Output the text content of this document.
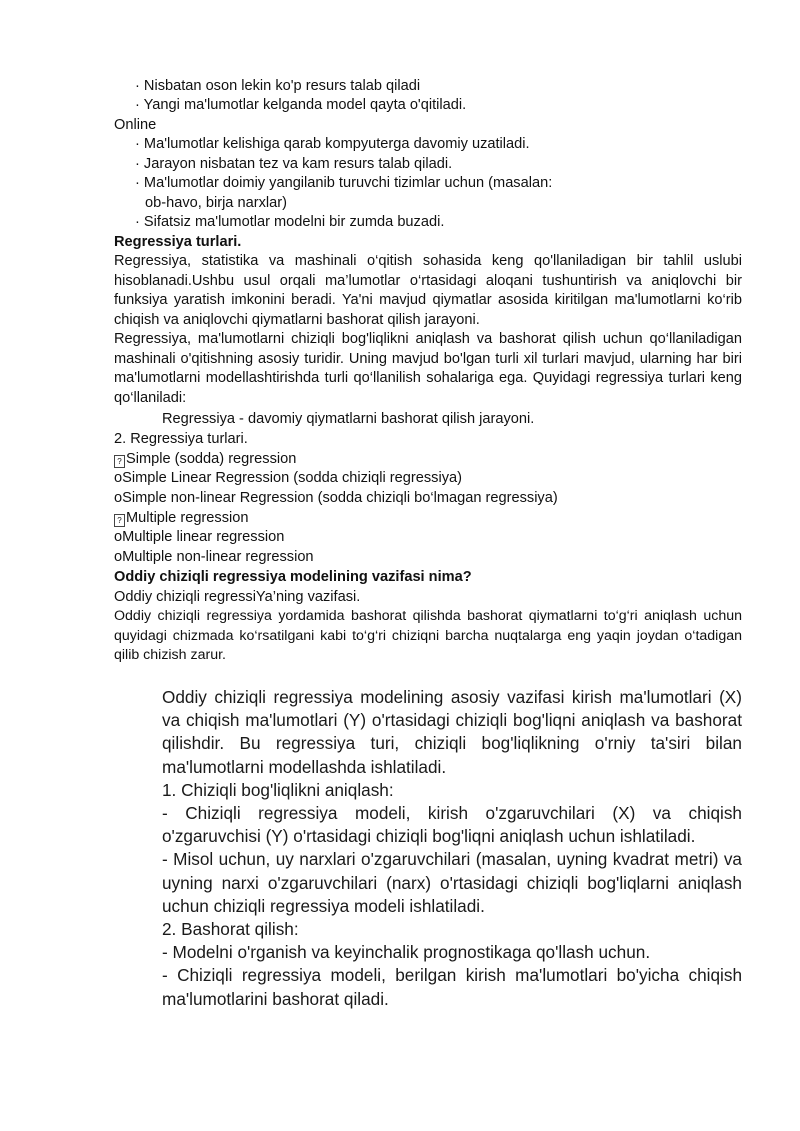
· Nisbatan oson lekin ko'p resurs talab qiladi
· Yangi ma'lumotlar kelganda model qayta o'qitiladi.
Online
· Ma'lumotlar kelishiga qarab kompyuterga davomiy uzatiladi.
· Jarayon nisbatan tez va kam resurs talab qiladi.
· Ma'lumotlar doimiy yangilanib turuvchi tizimlar uchun (masalan:
ob-havo, birja narxlar)
· Sifatsiz ma'lumotlar modelni bir zumda buzadi.
Regressiya turlari.
Regressiya, statistika va mashinali o‘qitish sohasida keng qo'llaniladigan bir tahlil uslubi hisoblanadi.Ushbu usul orqali ma’lumotlar o‘rtasidagi aloqani tushuntirish va aniqlovchi bir funksiya yaratish imkonini beradi. Ya'ni mavjud qiymatlar asosida kiritilgan ma'lumotlarni ko‘rib chiqish va aniqlovchi qiymatlarni bashorat qilish jarayoni.
Regressiya, ma'lumotlarni chiziqli bog'liqlikni aniqlash va bashorat qilish uchun qo‘llaniladigan mashinali o'qitishning asosiy turidir. Uning mavjud bo'lgan turli xil turlari mavjud, ularning har biri ma'lumotlarni modellashtirishda turli qo‘llanilish sohalariga ega. Quyidagi regressiya turlari keng qo‘llaniladi:
Regressiya - davomiy qiymatlarni bashorat qilish jarayoni.
2. Regressiya turlari.
? Simple (sodda) regression
oSimple Linear Regression (sodda chiziqli regressiya)
oSimple non-linear Regression (sodda chiziqli bo‘lmagan regressiya)
? Multiple regression
oMultiple linear regression
oMultiple non-linear regression
Oddiy chiziqli regressiya modelining vazifasi nima?
Oddiy chiziqli regressiYa’ning vazifasi.
Oddiy chiziqli regressiya yordamida bashorat qilishda bashorat qiymatlarni to‘g‘ri aniqlash uchun quyidagi chizmada ko‘rsatilgani kabi to‘g‘ri chiziqni barcha nuqtalarga eng yaqin joydan o‘tadigan qilib chizish zarur.
Oddiy chiziqli regressiya modelining asosiy vazifasi kirish ma'lumotlari (X) va chiqish ma'lumotlari (Y) o'rtasidagi chiziqli bog'liqni aniqlash va bashorat qilishdir. Bu regressiya turi, chiziqli bog'liqlikning o'rniy ta'siri bilan ma'lumotlarni modellashda ishlatiladi.
1. Chiziqli bog'liqlikni aniqlash:
- Chiziqli regressiya modeli, kirish o'zgaruvchilari (X) va chiqish o'zgaruvchisi (Y) o'rtasidagi chiziqli bog'liqni aniqlash uchun ishlatiladi.
- Misol uchun, uy narxlari o'zgaruvchilari (masalan, uyning kvadrat metri) va uyning narxi o'zgaruvchilari (narx) o'rtasidagi chiziqli bog'liqlarni aniqlash uchun chiziqli regressiya modeli ishlatiladi.
2. Bashorat qilish:
- Modelni o'rganish va keyinchalik prognostikaga qo'llash uchun.
- Chiziqli regressiya modeli, berilgan kirish ma'lumotlari bo'yicha chiqish ma'lumotlarini bashorat qiladi.
